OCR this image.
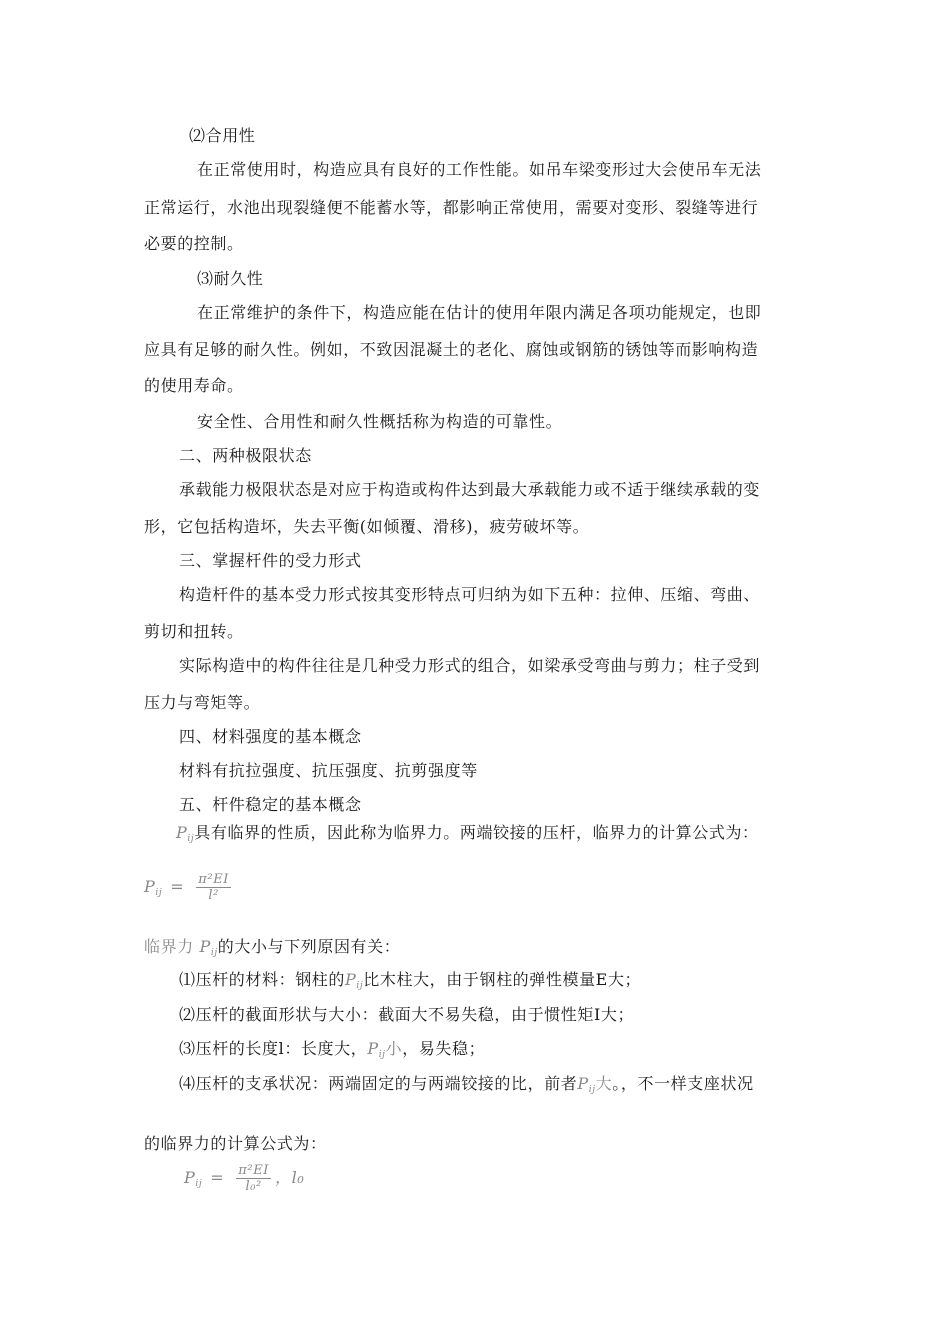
⑵合用性
在正常使用时，构造应具有良好的工作性能。如吊车梁变形过大会使吊车无法
正常运行，水池出现裂缝便不能蓄水等，都影响正常使用，需要对变形、裂缝等进行
必要的控制。
⑶耐久性
在正常维护的条件下，构造应能在估计的使用年限内满足各项功能规定，也即
应具有足够的耐久性。例如，不致因混凝土的老化、腐蚀或钢筋的锈蚀等而影响构造
的使用寿命。
安全性、合用性和耐久性概括称为构造的可靠性。
二、两种极限状态
承载能力极限状态是对应于构造或构件达到最大承载能力或不适于继续承载的变
形，它包括构造坏，失去平衡(如倾覆、滑移)，疲劳破坏等。
三、掌握杆件的受力形式
构造杆件的基本受力形式按其变形特点可归纳为如下五种：拉伸、压缩、弯曲、
剪切和扭转。
实际构造中的构件往往是几种受力形式的组合，如梁承受弯曲与剪力；柱子受到
压力与弯矩等。
四、材料强度的基本概念
材料有抗拉强度、抗压强度、抗剪强度等
五、杆件稳定的基本概念
$P_{ij}$具有临界的性质，因此称为临界力。两端铰接的压杆，临界力的计算公式为：
$P_{ij} = \frac{\text{π²EI}}{\text{l²}}$
临界力 $P_{ij}$的大小与下列原因有关：
⑴压杆的材料：钢柱的$P_{ij}$比木柱大，由于钢柱的弹性模量E大；
⑵压杆的截面形状与大小：截面大不易失稳，由于惯性矩I大；
⑶压杆的长度l：长度大，$P_{ij}$小，易失稳；
⑷压杆的支承状况：两端固定的与两端铰接的比，前者$P_{ij}$大。，不一样支座状况
的临界力的计算公式为：
$P_{ij} = \frac{\text{π²EI}}{\text{l₀²}}$ ，l₀
